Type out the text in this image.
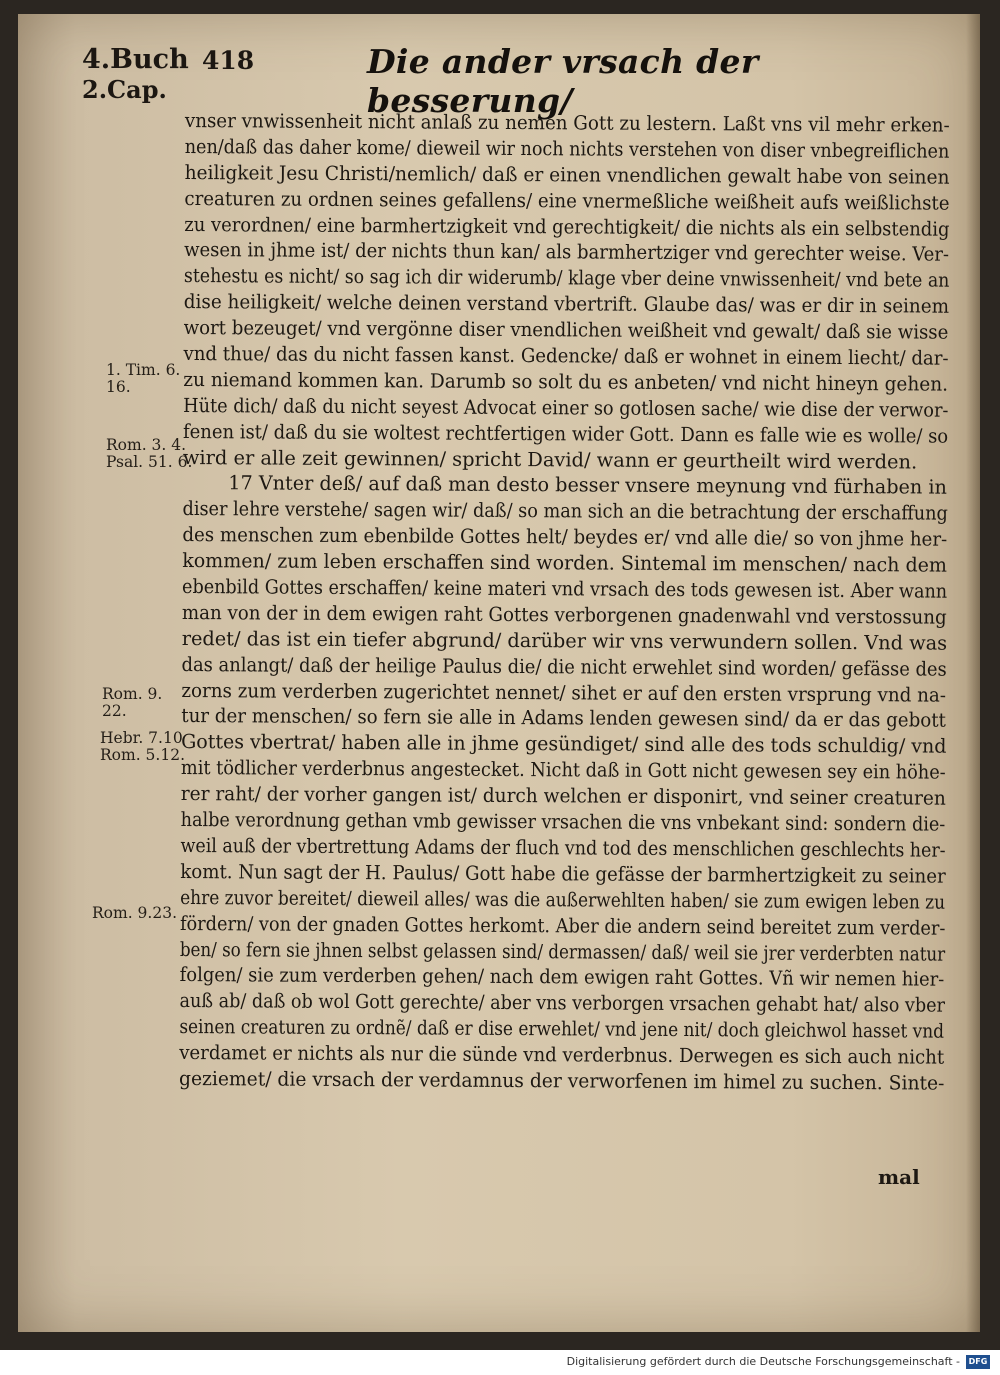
4.Buch 418
2.Cap.
Die ander vrsach der besserung/
1. Tim. 6.
16.
Rom. 3. 4.
Psal. 51. 6.
Rom. 9.
22.
Hebr. 7.10
Rom. 5.12.
Rom. 9.23.
vnser vnwissenheit nicht anlaß zu nemen Gott zu lestern. Laßt vns vil mehr erken-
nen/daß das daher kome/ dieweil wir noch nichts verstehen von diser vnbegreiflichen
heiligkeit Jesu Christi/nemlich/ daß er einen vnendlichen gewalt habe von seinen
creaturen zu ordnen seines gefallens/ eine vnermeßliche weißheit aufs weißlichste
zu verordnen/ eine barmhertzigkeit vnd gerechtigkeit/ die nichts als ein selbstendig
wesen in jhme ist/ der nichts thun kan/ als barmhertziger vnd gerechter weise. Ver-
stehestu es nicht/ so sag ich dir widerumb/ klage vber deine vnwissenheit/ vnd bete an
dise heiligkeit/ welche deinen verstand vbertrift. Glaube das/ was er dir in seinem
wort bezeuget/ vnd vergönne diser vnendlichen weißheit vnd gewalt/ daß sie wisse
vnd thue/ das du nicht fassen kanst. Gedencke/ daß er wohnet in einem liecht/ dar-
zu niemand kommen kan. Darumb so solt du es anbeten/ vnd nicht hineyn gehen.
Hüte dich/ daß du nicht seyest Advocat einer so gotlosen sache/ wie dise der verwor-
fenen ist/ daß du sie woltest rechtfertigen wider Gott. Dann es falle wie es wolle/ so
wird er alle zeit gewinnen/ spricht David/ wann er geurtheilt wird werden.
17 Vnter deß/ auf daß man desto besser vnsere meynung vnd fürhaben in
diser lehre verstehe/ sagen wir/ daß/ so man sich an die betrachtung der erschaffung
des menschen zum ebenbilde Gottes helt/ beydes er/ vnd alle die/ so von jhme her-
kommen/ zum leben erschaffen sind worden. Sintemal im menschen/ nach dem
ebenbild Gottes erschaffen/ keine materi vnd vrsach des tods gewesen ist. Aber wann
man von der in dem ewigen raht Gottes verborgenen gnadenwahl vnd verstossung
redet/ das ist ein tiefer abgrund/ darüber wir vns verwundern sollen. Vnd was
das anlangt/ daß der heilige Paulus die/ die nicht erwehlet sind worden/ gefässe des
zorns zum verderben zugerichtet nennet/ sihet er auf den ersten vrsprung vnd na-
tur der menschen/ so fern sie alle in Adams lenden gewesen sind/ da er das gebott
Gottes vbertrat/ haben alle in jhme gesündiget/ sind alle des tods schuldig/ vnd
mit tödlicher verderbnus angestecket. Nicht daß in Gott nicht gewesen sey ein höhe-
rer raht/ der vorher gangen ist/ durch welchen er disponirt, vnd seiner creaturen
halbe verordnung gethan vmb gewisser vrsachen die vns vnbekant sind: sondern die-
weil auß der vbertrettung Adams der fluch vnd tod des menschlichen geschlechts her-
komt. Nun sagt der H. Paulus/ Gott habe die gefässe der barmhertzigkeit zu seiner
ehre zuvor bereitet/ dieweil alles/ was die außerwehlten haben/ sie zum ewigen leben zu
fördern/ von der gnaden Gottes herkomt. Aber die andern seind bereitet zum verder-
ben/ so fern sie jhnen selbst gelassen sind/ dermassen/ daß/ weil sie jrer verderbten natur
folgen/ sie zum verderben gehen/ nach dem ewigen raht Gottes. Vñ wir nemen hier-
auß ab/ daß ob wol Gott gerechte/ aber vns verborgen vrsachen gehabt hat/ also vber
seinen creaturen zu ordnẽ/ daß er dise erwehlet/ vnd jene nit/ doch gleichwol hasset vnd
verdamet er nichts als nur die sünde vnd verderbnus. Derwegen es sich auch nicht
geziemet/ die vrsach der verdamnus der verworfenen im himel zu suchen. Sinte-
mal
Digitalisierung gefördert durch die Deutsche Forschungsgemeinschaft -	DFG
